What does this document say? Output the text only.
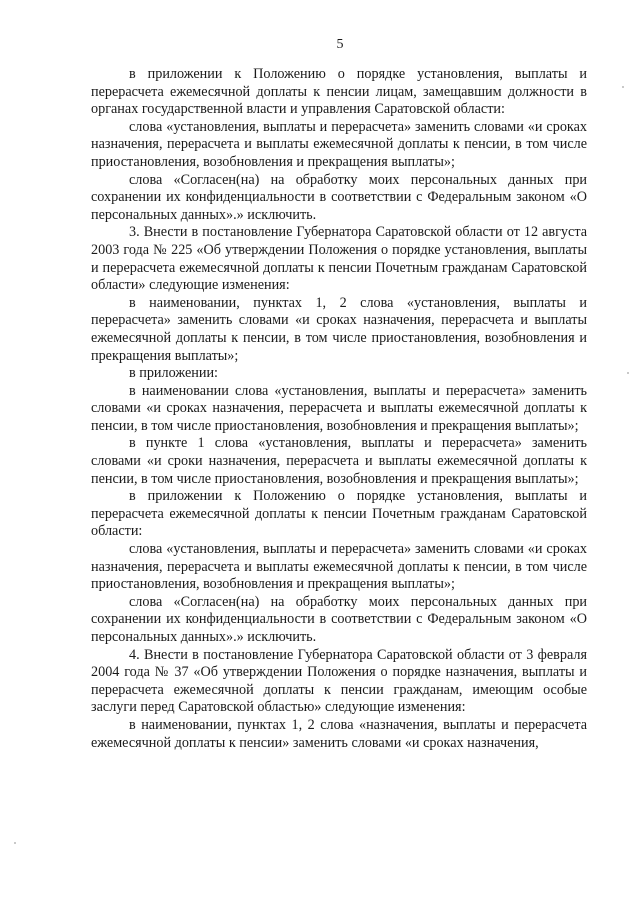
5

в приложении к Положению о порядке установления, выплаты и перерасчета ежемесячной доплаты к пенсии лицам, замещавшим должности в органах государственной власти и управления Саратовской области:

слова «установления, выплаты и перерасчета» заменить словами «и сроках назначения, перерасчета и выплаты ежемесячной доплаты к пенсии, в том числе приостановления, возобновления и прекращения выплаты»;

слова «Согласен(на) на обработку моих персональных данных при сохранении их конфиденциальности в соответствии с Федеральным законом «О персональных данных».» исключить.

3. Внести в постановление Губернатора Саратовской области от 12 августа 2003 года № 225 «Об утверждении Положения о порядке установления, выплаты и перерасчета ежемесячной доплаты к пенсии Почетным гражданам Саратовской области» следующие изменения:

в наименовании, пунктах 1, 2 слова «установления, выплаты и перерасчета» заменить словами «и сроках назначения, перерасчета и выплаты ежемесячной доплаты к пенсии, в том числе приостановления, возобновления и прекращения выплаты»;

в приложении:

в наименовании слова «установления, выплаты и перерасчета» заменить словами «и сроках назначения, перерасчета и выплаты ежемесячной доплаты к пенсии, в том числе приостановления, возобновления и прекращения выплаты»;

в пункте 1 слова «установления, выплаты и перерасчета» заменить словами «и сроки назначения, перерасчета и выплаты ежемесячной доплаты к пенсии, в том числе приостановления, возобновления и прекращения выплаты»;

в приложении к Положению о порядке установления, выплаты и перерасчета ежемесячной доплаты к пенсии Почетным гражданам Саратовской области:

слова «установления, выплаты и перерасчета» заменить словами «и сроках назначения, перерасчета и выплаты ежемесячной доплаты к пенсии, в том числе приостановления, возобновления и прекращения выплаты»;

слова «Согласен(на) на обработку моих персональных данных при сохранении их конфиденциальности в соответствии с Федеральным законом «О персональных данных».» исключить.

4. Внести в постановление Губернатора Саратовской области от 3 февраля 2004 года № 37 «Об утверждении Положения о порядке назначения, выплаты и перерасчета ежемесячной доплаты к пенсии гражданам, имеющим особые заслуги перед Саратовской областью» следующие изменения:

в наименовании, пунктах 1, 2 слова «назначения, выплаты и перерасчета ежемесячной доплаты к пенсии» заменить словами «и сроках назначения,
